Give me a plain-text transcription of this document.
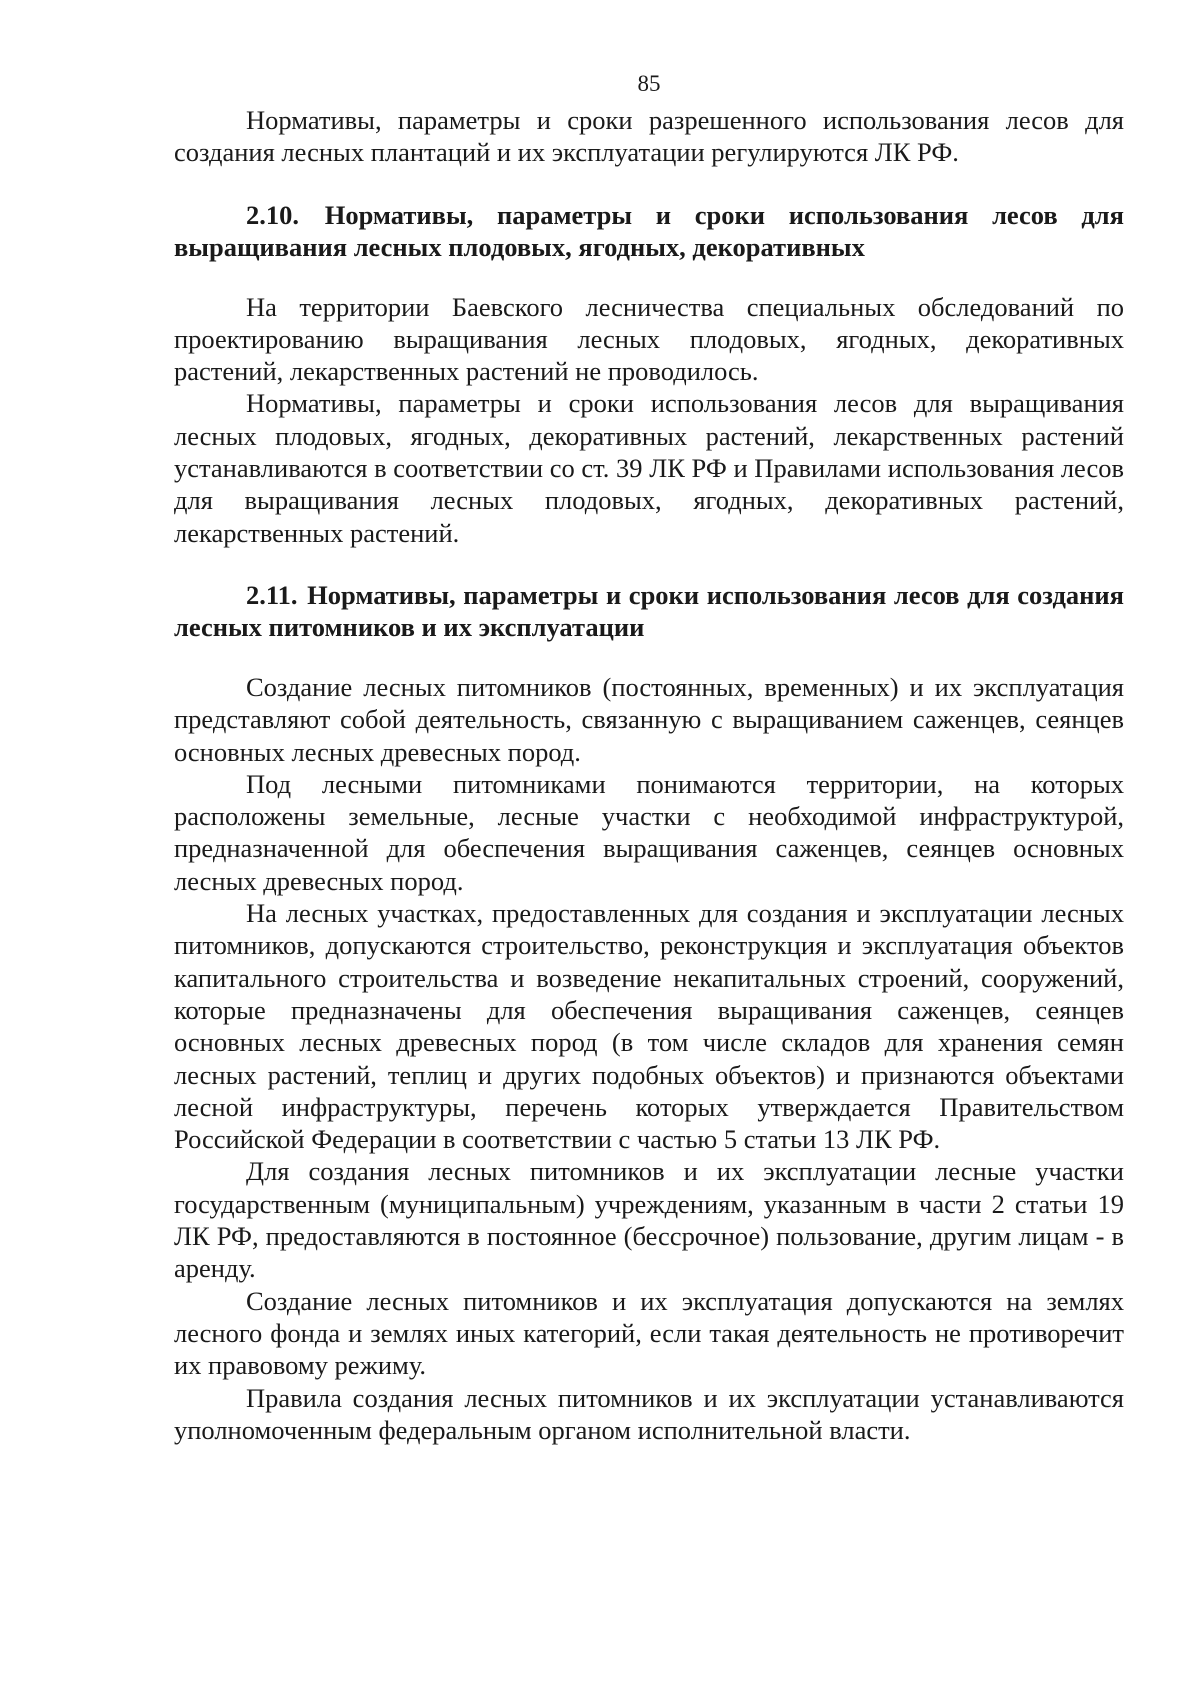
85

Нормативы, параметры и сроки разрешенного использования лесов для создания лесных плантаций и их эксплуатации регулируются ЛК РФ.

2.10. Нормативы, параметры и сроки использования лесов для выращивания лесных плодовых, ягодных, декоративных

На территории Баевского лесничества специальных обследований по проектированию выращивания лесных плодовых, ягодных, декоративных растений, лекарственных растений не проводилось.

Нормативы, параметры и сроки использования лесов для выращивания лесных плодовых, ягодных, декоративных растений, лекарственных растений устанавливаются в соответствии со ст. 39 ЛК РФ и Правилами использования лесов для выращивания лесных плодовых, ягодных, декоративных растений, лекарственных растений.

2.11. Нормативы, параметры и сроки использования лесов для создания лесных питомников и их эксплуатации

Создание лесных питомников (постоянных, временных) и их эксплуатация представляют собой деятельность, связанную с выращиванием саженцев, сеянцев основных лесных древесных пород.

Под лесными питомниками понимаются территории, на которых расположены земельные, лесные участки с необходимой инфраструктурой, предназначенной для обеспечения выращивания саженцев, сеянцев основных лесных древесных пород.

На лесных участках, предоставленных для создания и эксплуатации лесных питомников, допускаются строительство, реконструкция и эксплуатация объектов капитального строительства и возведение некапитальных строений, сооружений, которые предназначены для обеспечения выращивания саженцев, сеянцев основных лесных древесных пород (в том числе складов для хранения семян лесных растений, теплиц и других подобных объектов) и признаются объектами лесной инфраструктуры, перечень которых утверждается Правительством Российской Федерации в соответствии с частью 5 статьи 13 ЛК РФ.

Для создания лесных питомников и их эксплуатации лесные участки государственным (муниципальным) учреждениям, указанным в части 2 статьи 19 ЛК РФ, предоставляются в постоянное (бессрочное) пользование, другим лицам - в аренду.

Создание лесных питомников и их эксплуатация допускаются на землях лесного фонда и землях иных категорий, если такая деятельность не противоречит их правовому режиму.

Правила создания лесных питомников и их эксплуатации устанавливаются уполномоченным федеральным органом исполнительной власти.
